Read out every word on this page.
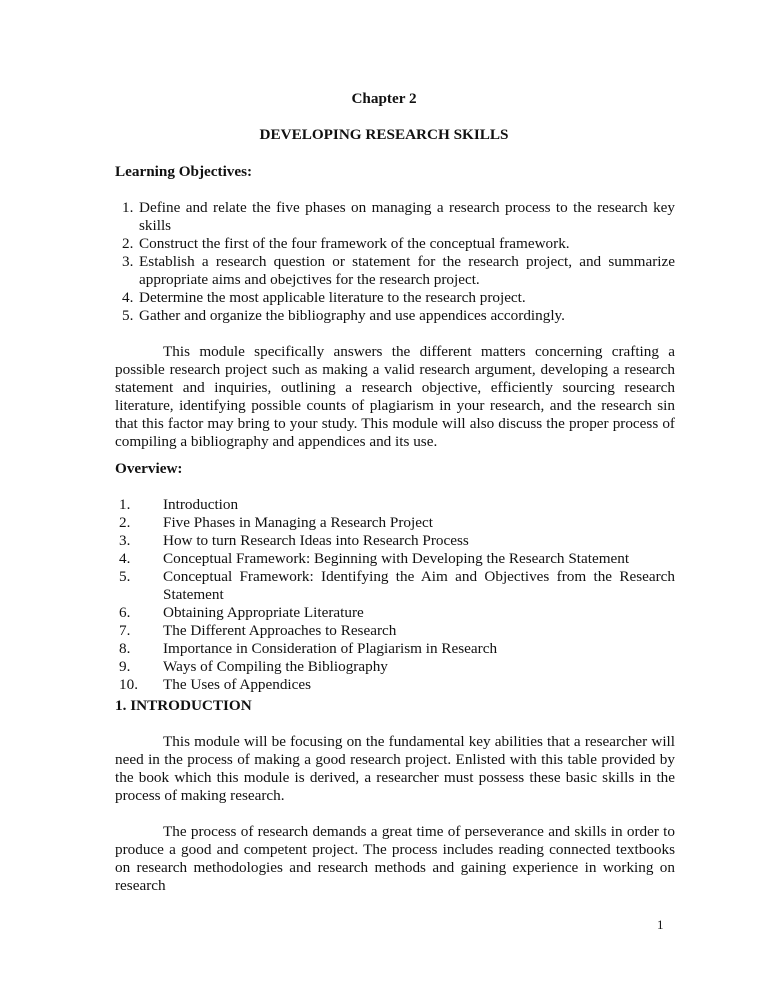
Chapter 2
DEVELOPING RESEARCH SKILLS
Learning Objectives:
1. Define and relate the five phases on managing a research process to the research key skills
2. Construct the first of the four framework of the conceptual framework.
3. Establish a research question or statement for the research project, and summarize appropriate aims and obejctives for the research project.
4. Determine the most applicable literature to the research project.
5. Gather and organize the bibliography and use appendices accordingly.

This module specifically answers the different matters concerning crafting a possible research project such as making a valid research argument, developing a research statement and inquiries, outlining a research objective, efficiently sourcing research literature, identifying possible counts of plagiarism in your research, and the research sin that this factor may bring to your study. This module will also discuss the proper process of compiling a bibliography and appendices and its use.

Overview:
1. Introduction
2. Five Phases in Managing a Research Project
3. How to turn Research Ideas into Research Process
4. Conceptual Framework: Beginning with Developing the Research Statement
5. Conceptual Framework: Identifying the Aim and Objectives from the Research Statement
6. Obtaining Appropriate Literature
7. The Different Approaches to Research
8. Importance in Consideration of Plagiarism in Research
9. Ways of Compiling the Bibliography
10. The Uses of Appendices
1. INTRODUCTION

This module will be focusing on the fundamental key abilities that a researcher will need in the process of making a good research project. Enlisted with this table provided by the book which this module is derived, a researcher must possess these basic skills in the process of making research.

The process of research demands a great time of perseverance and skills in order to produce a good and competent project. The process includes reading connected textbooks on research methodologies and research methods and gaining experience in working on research

1
